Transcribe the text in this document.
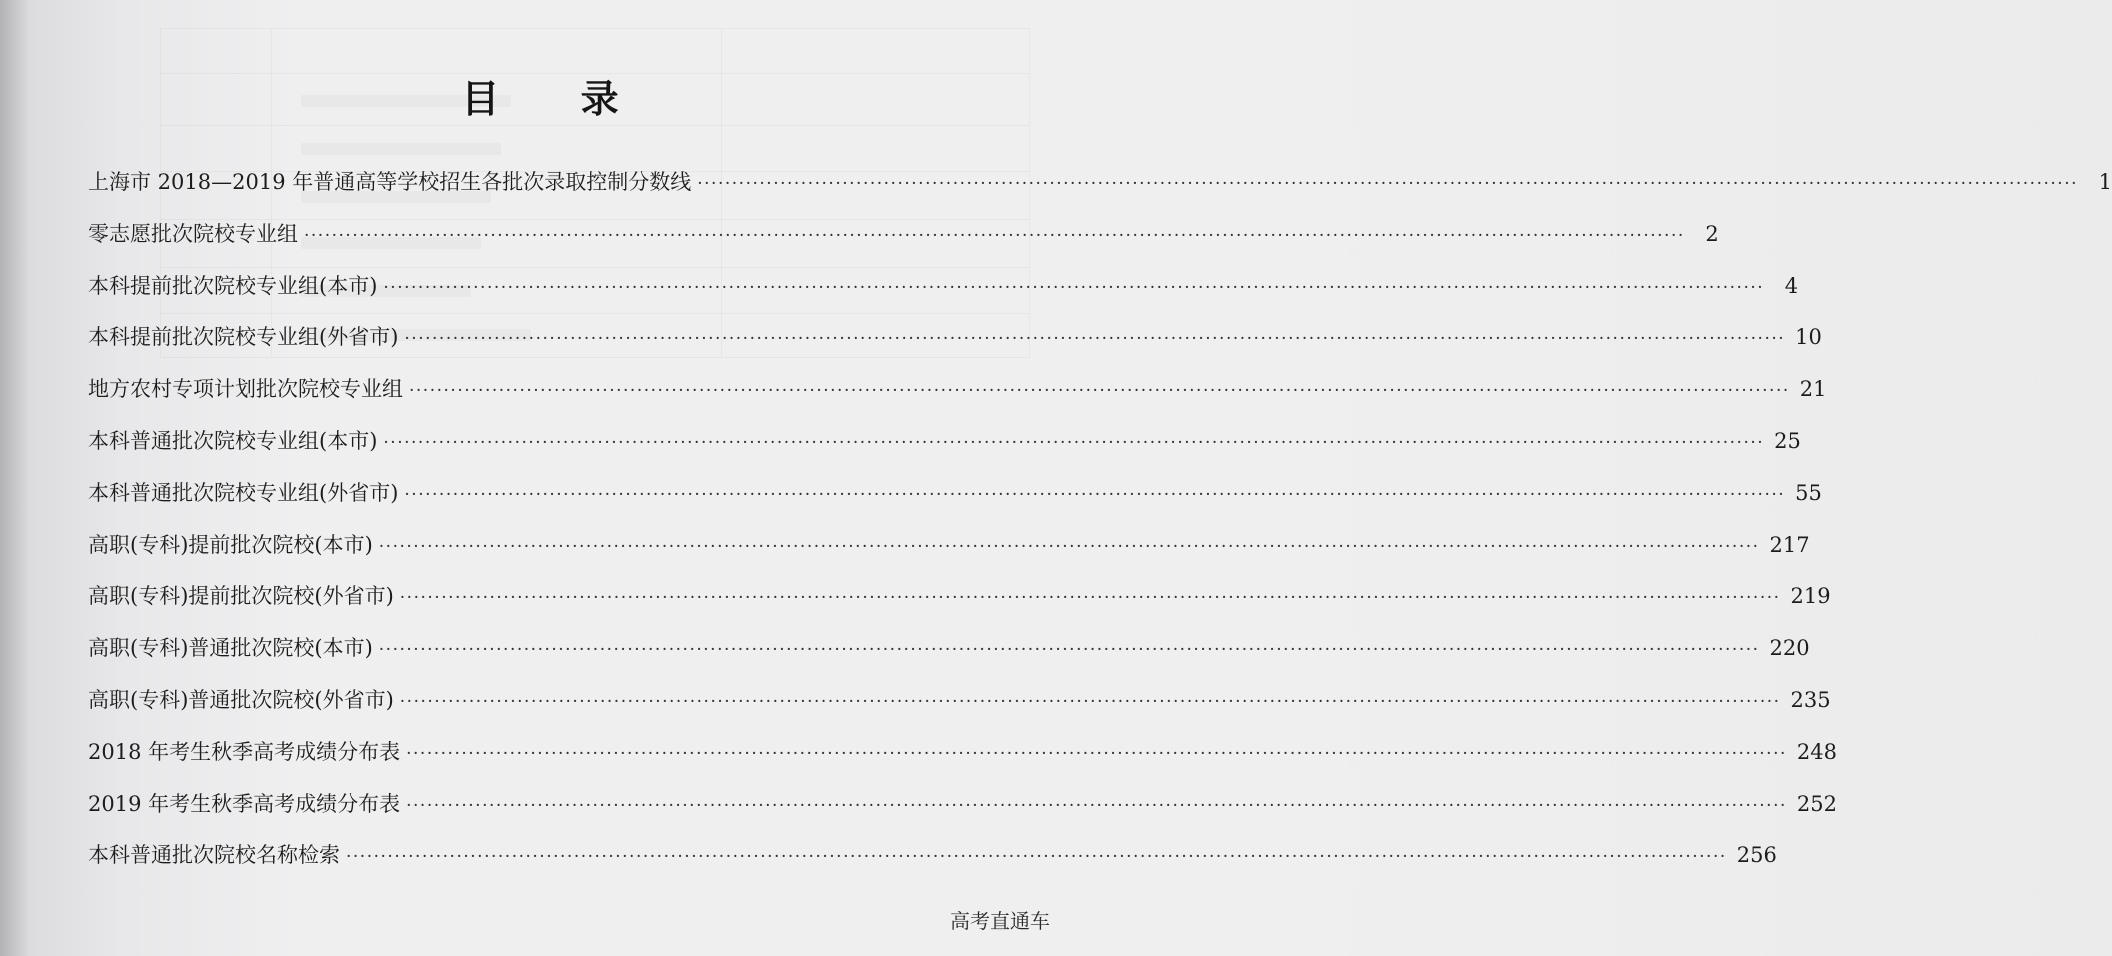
目 录
上海市 2018—2019 年普通高等学校招生各批次录取控制分数线 ········································································································································································································ 1
零志愿批次院校专业组 ········································································································································································································ 2
本科提前批次院校专业组(本市) ········································································································································································································ 4
本科提前批次院校专业组(外省市) ········································································································································································································ 10
地方农村专项计划批次院校专业组 ········································································································································································································ 21
本科普通批次院校专业组(本市) ········································································································································································································ 25
本科普通批次院校专业组(外省市) ········································································································································································································ 55
高职(专科)提前批次院校(本市) ········································································································································································································ 217
高职(专科)提前批次院校(外省市) ········································································································································································································ 219
高职(专科)普通批次院校(本市) ········································································································································································································ 220
高职(专科)普通批次院校(外省市) ········································································································································································································ 235
2018 年考生秋季高考成绩分布表 ········································································································································································································ 248
2019 年考生秋季高考成绩分布表 ········································································································································································································ 252
本科普通批次院校名称检索 ········································································································································································································ 256
高考直通车
